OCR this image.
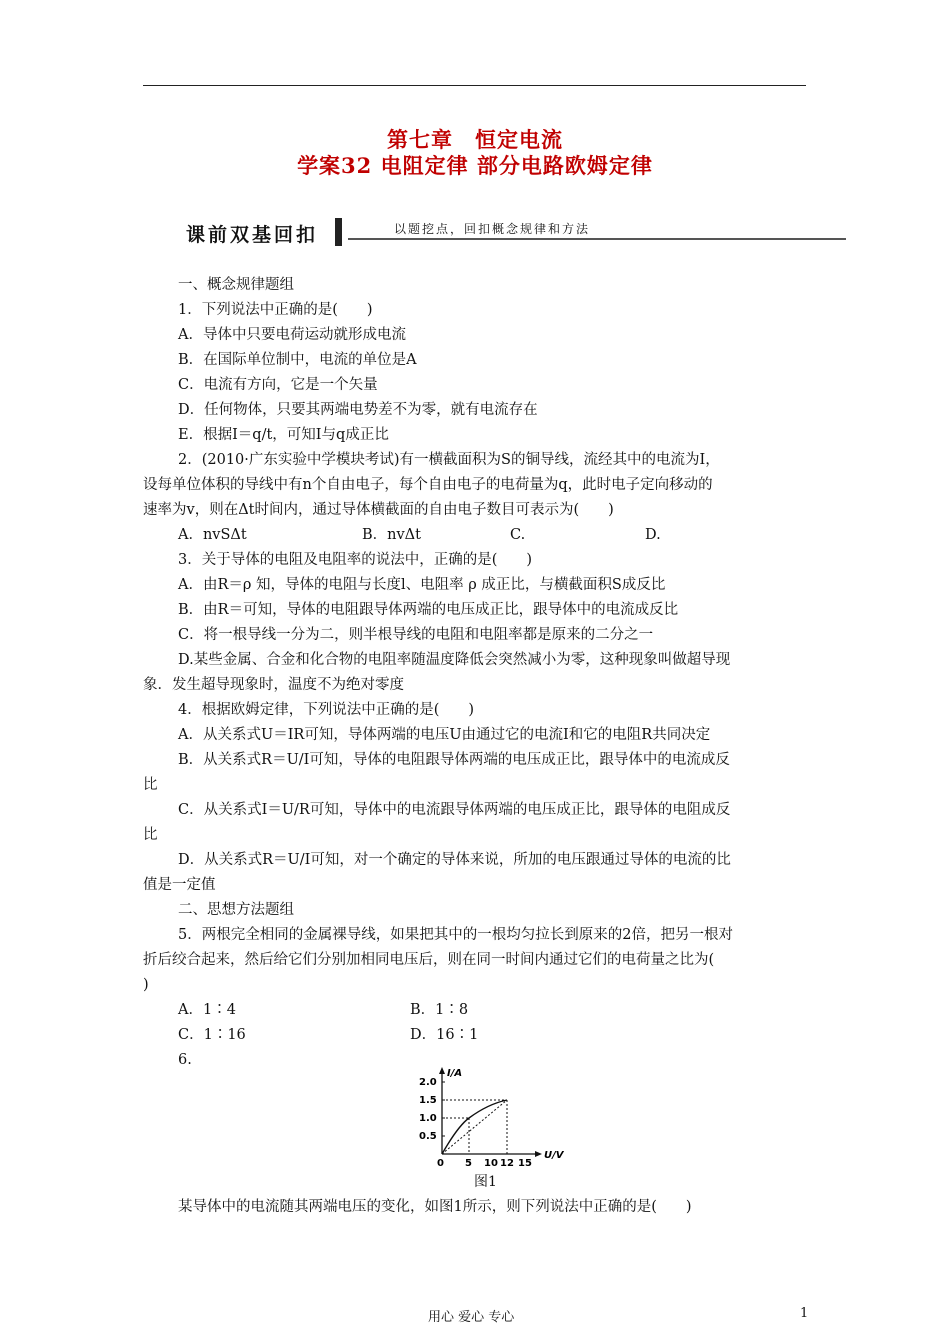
第七章　恒定电流
学案32 电阻定律 部分电路欧姆定律
课前双基回扣	以题挖点，回扣概念规律和方法
一、概念规律题组
1．下列说法中正确的是(　　)
A．导体中只要电荷运动就形成电流
B．在国际单位制中，电流的单位是A
C．电流有方向，它是一个矢量
D．任何物体，只要其两端电势差不为零，就有电流存在
E．根据I＝q/t，可知I与q成正比
2．(2010·广东实验中学模块考试)有一横截面积为S的铜导线，流经其中的电流为I，
设每单位体积的导线中有n个自由电子，每个自由电子的电荷量为q，此时电子定向移动的
速率为v，则在Δt时间内，通过导体横截面的自由电子数目可表示为(　　)
A．nvSΔt	B．nvΔt	C.	D.
3．关于导体的电阻及电阻率的说法中，正确的是(　　)
A．由R＝ρ 知，导体的电阻与长度l、电阻率 ρ 成正比，与横截面积S成反比
B．由R＝可知，导体的电阻跟导体两端的电压成正比，跟导体中的电流成反比
C．将一根导线一分为二，则半根导线的电阻和电阻率都是原来的二分之一
D.某些金属、合金和化合物的电阻率随温度降低会突然减小为零，这种现象叫做超导现
象．发生超导现象时，温度不为绝对零度
4．根据欧姆定律，下列说法中正确的是(　　)
A．从关系式U＝IR可知，导体两端的电压U由通过它的电流I和它的电阻R共同决定
B．从关系式R＝U/I可知，导体的电阻跟导体两端的电压成正比，跟导体中的电流成反
比
C．从关系式I＝U/R可知，导体中的电流跟导体两端的电压成正比，跟导体的电阻成反
比
D．从关系式R＝U/I可知，对一个确定的导体来说，所加的电压跟通过导体的电流的比
值是一定值
二、思想方法题组
5．两根完全相同的金属裸导线，如果把其中的一根均匀拉长到原来的2倍，把另一根对
折后绞合起来，然后给它们分别加相同电压后，则在同一时间内通过它们的电荷量之比为(
)
A．1∶4	B．1∶8
C．1∶16	D．16∶1
6.
I/A
U/V
2.0
1.5
1.0
0.5
0 5 10 12 15
图1
某导体中的电流随其两端电压的变化，如图1所示，则下列说法中正确的是(　　)
用心 爱心 专心	1
